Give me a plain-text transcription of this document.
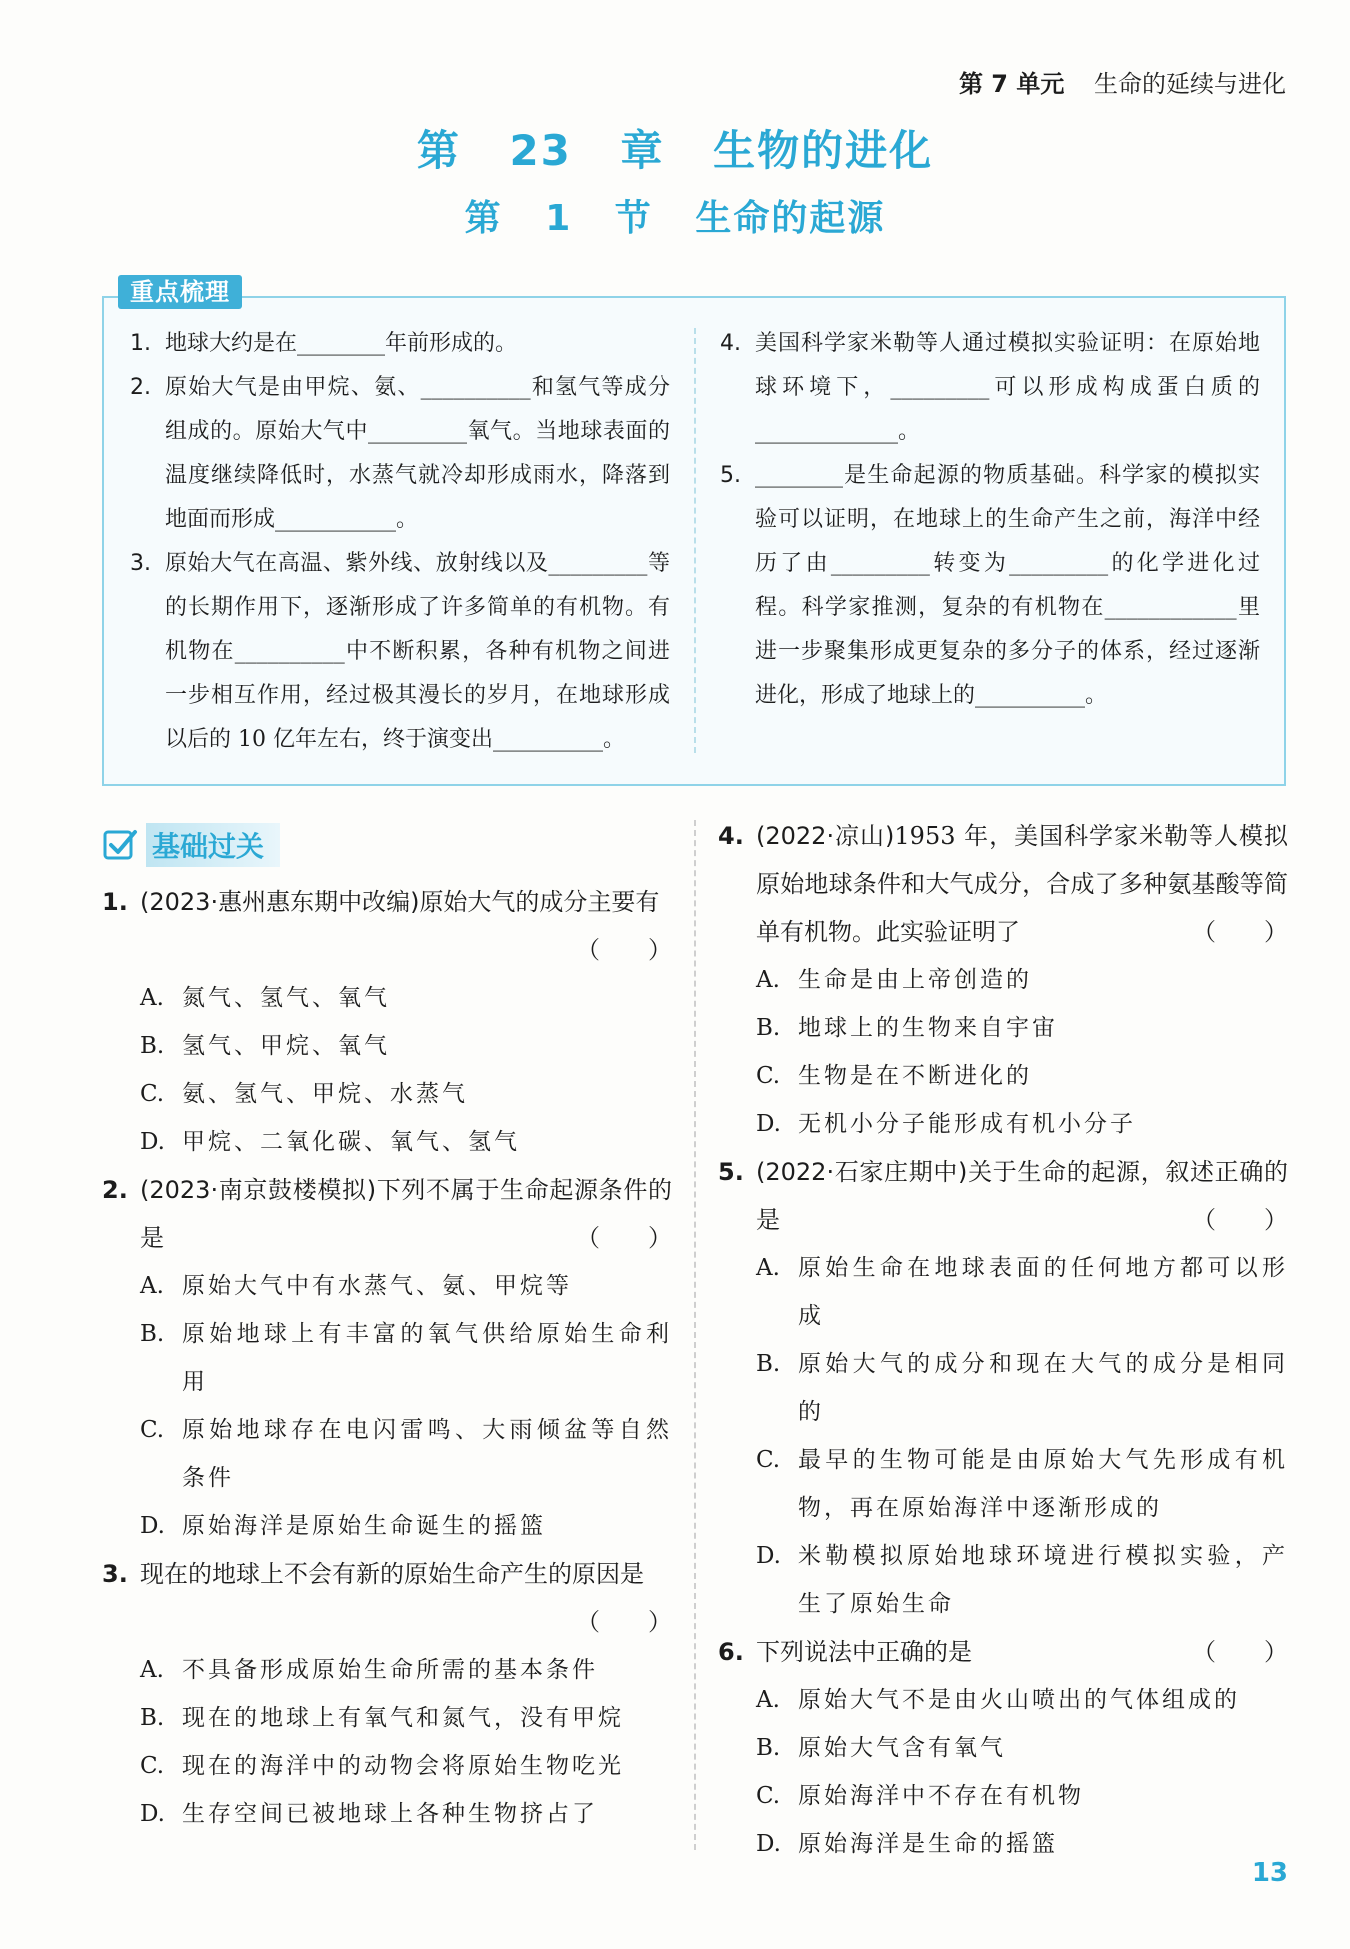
第 7 单元 生命的延续与进化
第 23 章 生物的进化
第 1 节 生命的起源
重点梳理
1. 地球大约是在________年前形成的。
2. 原始大气是由甲烷、氨、__________和氢气等成分组成的。原始大气中_________氧气。当地球表面的温度继续降低时，水蒸气就冷却形成雨水，降落到地面而形成___________。
3. 原始大气在高温、紫外线、放射线以及_________等的长期作用下，逐渐形成了许多简单的有机物。有机物在__________中不断积累，各种有机物之间进一步相互作用，经过极其漫长的岁月，在地球形成以后的 10 亿年左右，终于演变出__________。
4. 美国科学家米勒等人通过模拟实验证明：在原始地球环境下，_________可以形成构成蛋白质的_____________。
5. ________是生命起源的物质基础。科学家的模拟实验可以证明，在地球上的生命产生之前，海洋中经历了由_________转变为_________的化学进化过程。科学家推测，复杂的有机物在____________里进一步聚集形成更复杂的多分子的体系，经过逐渐进化，形成了地球上的__________。
基础过关
1. (2023·惠州惠东期中改编)原始大气的成分主要有
（　　）
A. 氮气、氢气、氧气
B. 氢气、甲烷、氧气
C. 氨、氢气、甲烷、水蒸气
D. 甲烷、二氧化碳、氧气、氢气
2. (2023·南京鼓楼模拟)下列不属于生命起源条件的是	（　　）
A. 原始大气中有水蒸气、氨、甲烷等
B. 原始地球上有丰富的氧气供给原始生命利用
C. 原始地球存在电闪雷鸣、大雨倾盆等自然条件
D. 原始海洋是原始生命诞生的摇篮
3. 现在的地球上不会有新的原始生命产生的原因是
（　　）
A. 不具备形成原始生命所需的基本条件
B. 现在的地球上有氧气和氮气，没有甲烷
C. 现在的海洋中的动物会将原始生物吃光
D. 生存空间已被地球上各种生物挤占了
4. (2022·凉山)1953 年，美国科学家米勒等人模拟原始地球条件和大气成分，合成了多种氨基酸等简单有机物。此实验证明了	（　　）
A. 生命是由上帝创造的
B. 地球上的生物来自宇宙
C. 生物是在不断进化的
D. 无机小分子能形成有机小分子
5. (2022·石家庄期中)关于生命的起源，叙述正确的是	（　　）
A. 原始生命在地球表面的任何地方都可以形成
B. 原始大气的成分和现在大气的成分是相同的
C. 最早的生物可能是由原始大气先形成有机物，再在原始海洋中逐渐形成的
D. 米勒模拟原始地球环境进行模拟实验，产生了原始生命
6. 下列说法中正确的是	（　　）
A. 原始大气不是由火山喷出的气体组成的
B. 原始大气含有氧气
C. 原始海洋中不存在有机物
D. 原始海洋是生命的摇篮
13
